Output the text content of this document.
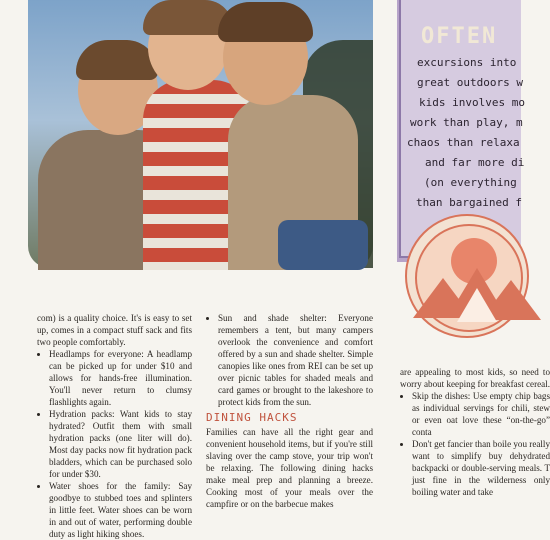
OFTEN
excursions into
great outdoors w
kids involves mo
work than play, m
chaos than relaxa
and far more di
(on everything
than bargained f

com) is a quality choice. It's is easy to set up, comes in a compact stuff sack and fits two people comfortably.

• Headlamps for everyone: A headlamp can be picked up for under $10 and allows for hands-free illumination. You'll never return to clumsy flashlights again.
• Hydration packs: Want kids to stay hydrated? Outfit them with small hydration packs (one liter will do). Most day packs now fit hydration pack bladders, which can be purchased solo for under $30.
• Water shoes for the family: Say goodbye to stubbed toes and splinters in little feet. Water shoes can be worn in and out of water, performing double duty as light hiking shoes.
• Sun and shade shelter: Everyone remembers a tent, but many campers overlook the convenience and comfort offered by a sun and shade shelter. Simple canopies like ones from REI can be set up over picnic tables for shaded meals and card games or brought to the lakeshore to protect kids from the sun.
DINING HACKS

Families can have all the right gear and convenient household items, but if you're still slaving over the camp stove, your trip won't be relaxing. The following dining hacks make meal prep and planning a breeze. Cooking most of your meals over the campfire or on the barbecue makes

are appealing to most kids, so need to worry about keeping for breakfast cereal.

• Skip the dishes: Use empty chip bags as individual servings for chili, stew or even oat love these “on-the-go” conta
• Don't get fancier than boile you really want to simplify buy dehydrated backpacki or double-serving meals. T just fine in the wilderness only boiling water and take
